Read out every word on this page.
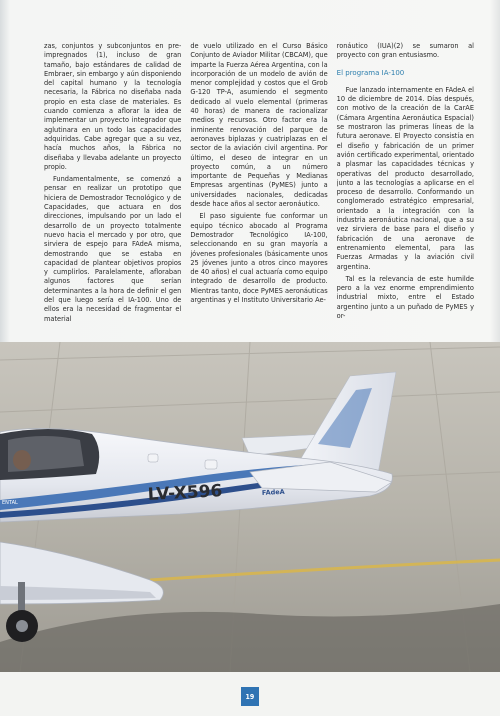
zas, conjuntos y subconjuntos en pre-impregnados (1), incluso de gran tamaño, bajo estándares de calidad de Embraer, sin embargo y aún disponiendo del capital humano y la tecnología necesaria, la Fábrica no diseñaba nada propio en esta clase de materiales. Es cuando comienza a aflorar la idea de implementar un proyecto integrador que aglutinara en un todo las capacidades adquiridas. Cabe agregar que a su vez, hacía muchos años, la Fábrica no diseñaba y llevaba adelante un proyecto propio.

Fundamentalmente, se comenzó a pensar en realizar un prototipo que hiciera de Demostrador Tecnológico y de Capacidades, que actuara en dos direcciones, impulsando por un lado el desarrollo de un proyecto totalmente nuevo hacia el mercado y por otro, que sirviera de espejo para FAdeA misma, demostrando que se estaba en capacidad de plantear objetivos propios y cumplirlos. Paralelamente, afloraban algunos factores que serían determinantes a la hora de definir el gen del que luego sería el IA-100. Uno de ellos era la necesidad de fragmentar el material

de vuelo utilizado en el Curso Básico Conjunto de Aviador Militar (CBCAM), que imparte la Fuerza Aérea Argentina, con la incorporación de un modelo de avión de menor complejidad y costos que el Grob G-120 TP-A, asumiendo el segmento dedicado al vuelo elemental (primeras 40 horas) de manera de racionalizar medios y recursos. Otro factor era la inminente renovación del parque de aeronaves biplazas y cuatriplazas en el sector de la aviación civil argentina. Por último, el deseo de integrar en un proyecto común, a un número importante de Pequeñas y Medianas Empresas argentinas (PyMES) junto a universidades nacionales, dedicadas desde hace años al sector aeronáutico.

El paso siguiente fue conformar un equipo técnico abocado al Programa Demostrador Tecnológico IA-100, seleccionando en su gran mayoría a jóvenes profesionales (básicamente unos 25 jóvenes junto a otros cinco mayores de 40 años) el cual actuaría como equipo integrado de desarrollo de producto. Mientras tanto, doce PyMES aeronáuticas argentinas y el Instituto Universitario Ae-

ronáutico (IUA)(2) se sumaron al proyecto con gran entusiasmo.

El programa IA-100

Fue lanzado internamente en FAdeA el 10 de diciembre de 2014. Días después, con motivo de la creación de la CarAE (Cámara Argentina Aeronáutica Espacial) se mostraron las primeras líneas de la futura aeronave. El Proyecto consistía en el diseño y fabricación de un primer avión certificado experimental, orientado a plasmar las capacidades técnicas y operativas del producto desarrollado, junto a las tecnologías a aplicarse en el proceso de desarrollo. Conformando un conglomerado estratégico empresarial, orientado a la integración con la industria aeronáutica nacional, que a su vez sirviera de base para el diseño y fabricación de una aeronave de entrenamiento elemental, para las Fuerzas Armadas y la aviación civil argentina.

Tal es la relevancia de este humilde pero a la vez enorme emprendimiento industrial mixto, entre el Estado argentino junto a un puñado de PyMES y or-

LV-X596	FAdeA
ENTAL
19
